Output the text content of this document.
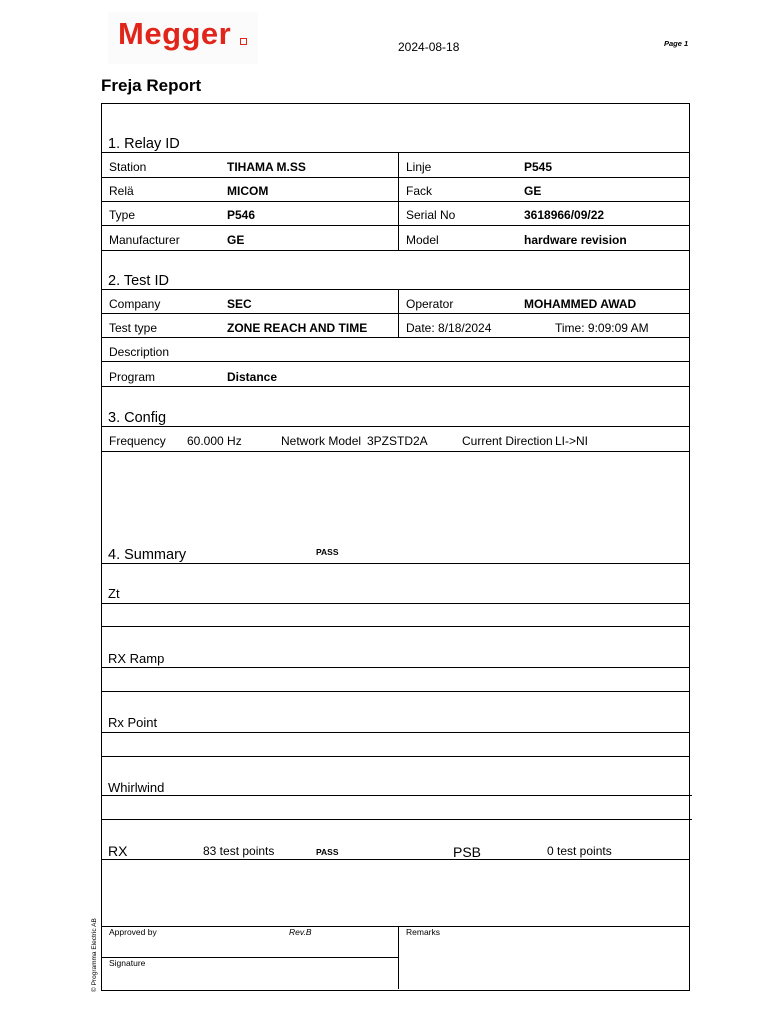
Megger	2024-08-18	Page 1
Freja Report
1. Relay ID
Station	TIHAMA M.SS	Linje	P545
Relä	MICOM	Fack	GE
Type	P546	Serial No	3618966/09/22
Manufacturer	GE	Model	hardware revision
2. Test ID
Company	SEC	Operator	MOHAMMED AWAD
Test type	ZONE REACH AND TIME	Date: 8/18/2024	Time: 9:09:09 AM
Description
Program	Distance
3. Config
Frequency 60.000 Hz	Network Model 3PZSTD2A	Current Direction LI->NI
4. Summary	PASS
Zt
RX Ramp
Rx Point
Whirlwind
RX	83 test points	PASS	PSB	0 test points
Approved by	Rev.B	Remarks
Signature
© Programma Electric AB
